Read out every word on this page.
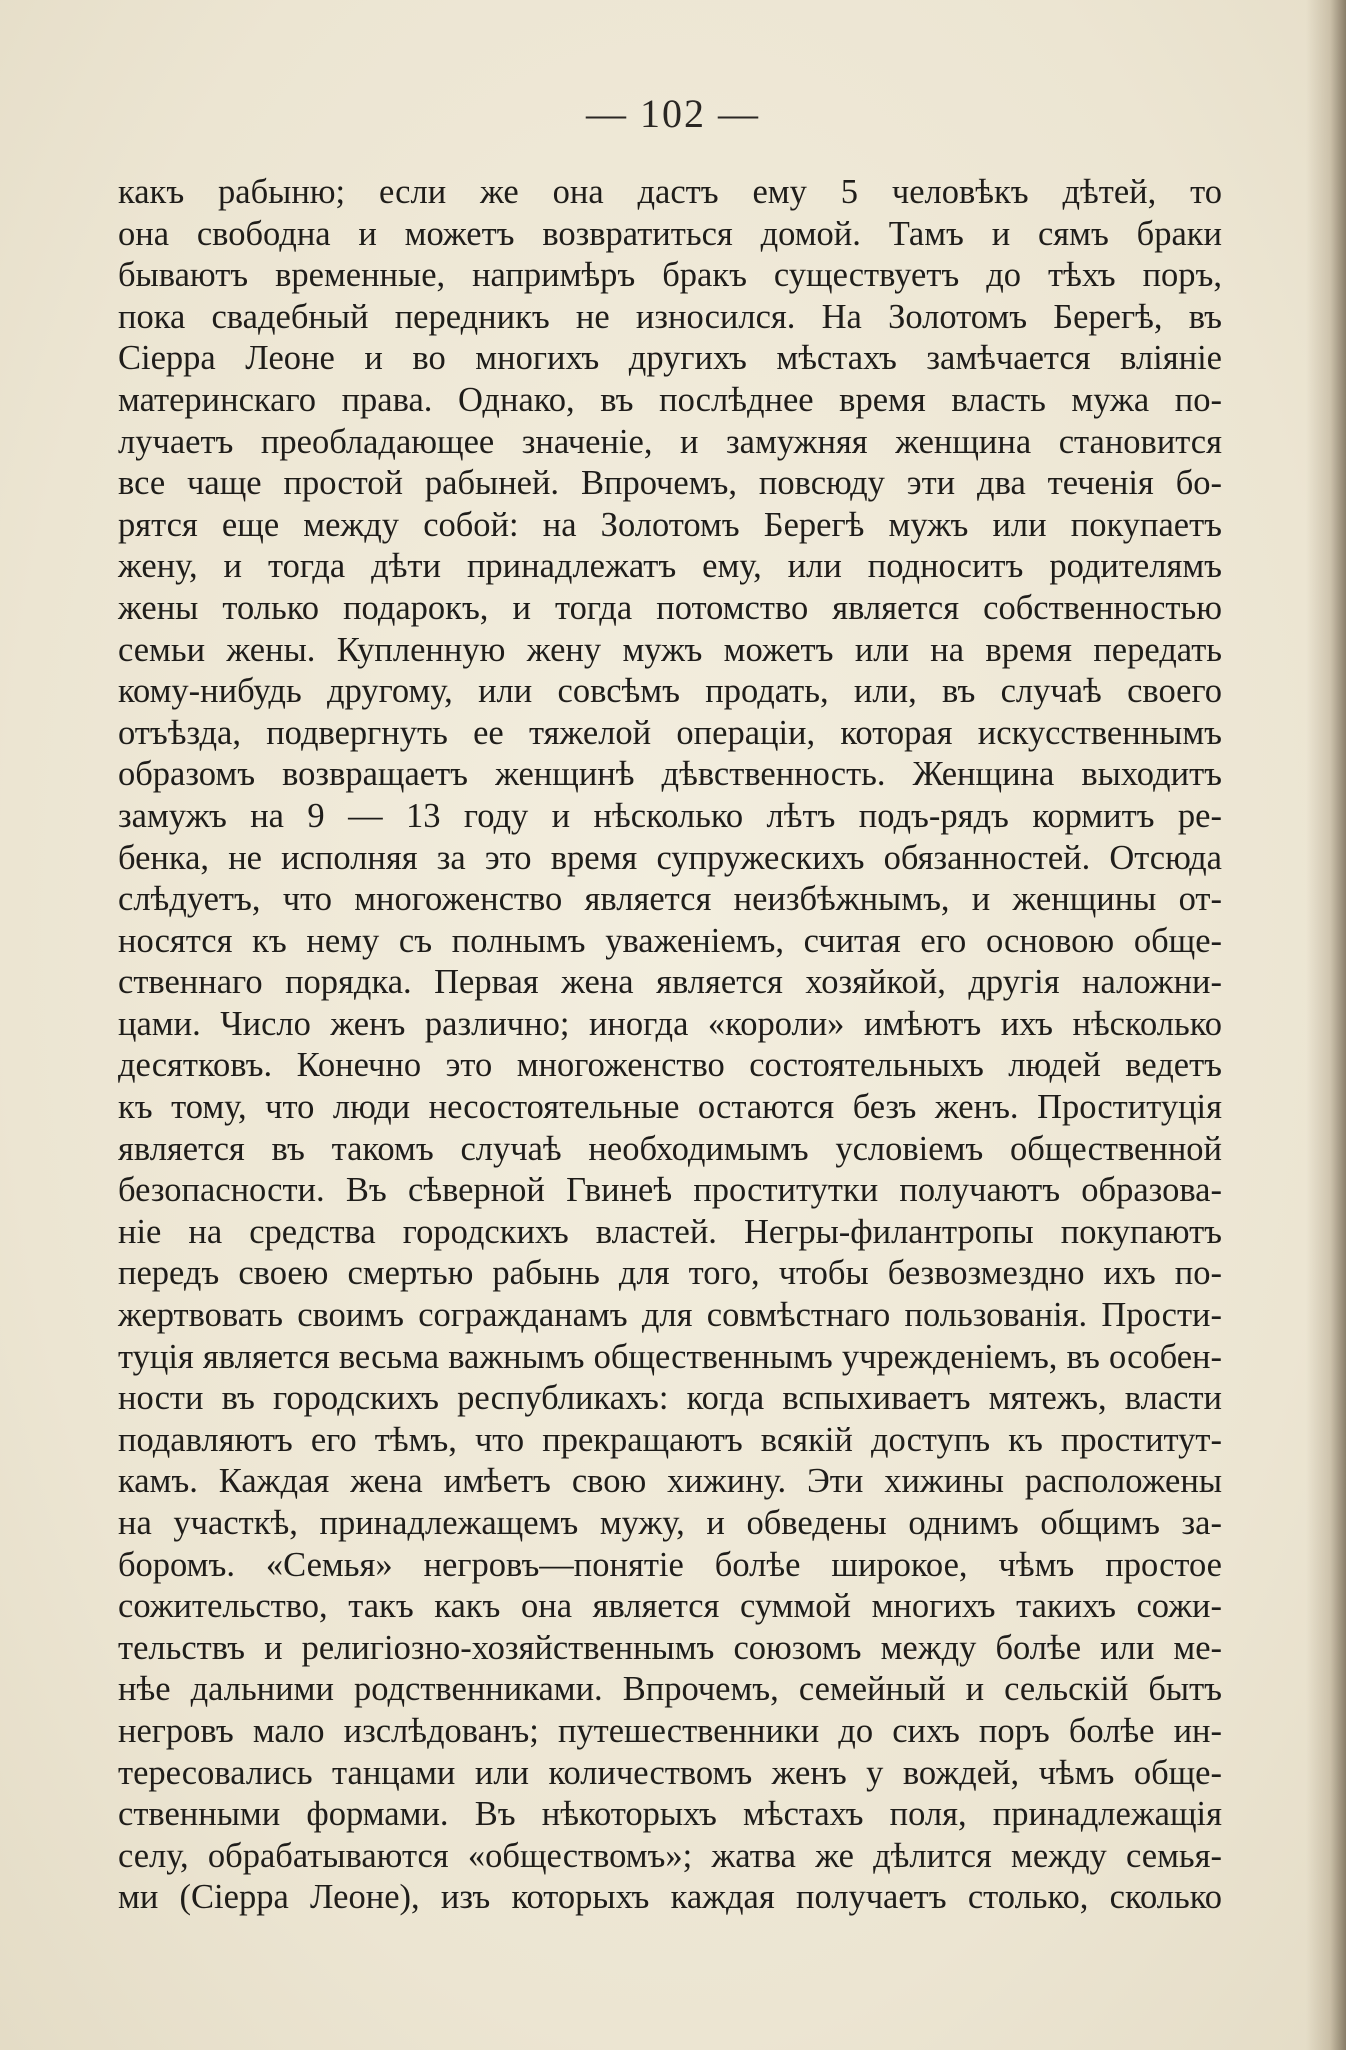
— 102 —
какъ рабыню; если же она дастъ ему 5 человѣкъ дѣтей, то
она свободна и можетъ возвратиться домой. Тамъ и сямъ браки
бываютъ временные, напримѣръ бракъ существуетъ до тѣхъ поръ,
пока свадебный передникъ не износился. На Золотомъ Берегѣ, въ
Сіерра Леоне и во многихъ другихъ мѣстахъ замѣчается вліяніе
материнскаго права. Однако, въ послѣднее время власть мужа по-
лучаетъ преобладающее значеніе, и замужняя женщина становится
все чаще простой рабыней. Впрочемъ, повсюду эти два теченія бо-
рятся еще между собой: на Золотомъ Берегѣ мужъ или покупаетъ
жену, и тогда дѣти принадлежатъ ему, или подноситъ родителямъ
жены только подарокъ, и тогда потомство является собственностью
семьи жены. Купленную жену мужъ можетъ или на время передать
кому-нибудь другому, или совсѣмъ продать, или, въ случаѣ своего
отъѣзда, подвергнуть ее тяжелой операціи, которая искусственнымъ
образомъ возвращаетъ женщинѣ дѣвственность. Женщина выходитъ
замужъ на 9 — 13 году и нѣсколько лѣтъ подъ-рядъ кормитъ ре-
бенка, не исполняя за это время супружескихъ обязанностей. Отсюда
слѣдуетъ, что многоженство является неизбѣжнымъ, и женщины от-
носятся къ нему съ полнымъ уваженіемъ, считая его основою обще-
ственнаго порядка. Первая жена является хозяйкой, другія наложни-
цами. Число женъ различно; иногда «короли» имѣютъ ихъ нѣсколько
десятковъ. Конечно это многоженство состоятельныхъ людей ведетъ
къ тому, что люди несостоятельные остаются безъ женъ. Проституція
является въ такомъ случаѣ необходимымъ условіемъ общественной
безопасности. Въ сѣверной Гвинеѣ проститутки получаютъ образова-
ніе на средства городскихъ властей. Негры-филантропы покупаютъ
передъ своею смертью рабынь для того, чтобы безвозмездно ихъ по-
жертвовать своимъ согражданамъ для совмѣстнаго пользованія. Прости-
туція является весьма важнымъ общественнымъ учрежденіемъ, въ особен-
ности въ городскихъ республикахъ: когда вспыхиваетъ мятежъ, власти
подавляютъ его тѣмъ, что прекращаютъ всякій доступъ къ проститут-
камъ. Каждая жена имѣетъ свою хижину. Эти хижины расположены
на участкѣ, принадлежащемъ мужу, и обведены однимъ общимъ за-
боромъ. «Семья» негровъ—понятіе болѣе широкое, чѣмъ простое
сожительство, такъ какъ она является суммой многихъ такихъ сожи-
тельствъ и религіозно-хозяйственнымъ союзомъ между болѣе или ме-
нѣе дальними родственниками. Впрочемъ, семейный и сельскій бытъ
негровъ мало изслѣдованъ; путешественники до сихъ поръ болѣе ин-
тересовались танцами или количествомъ женъ у вождей, чѣмъ обще-
ственными формами. Въ нѣкоторыхъ мѣстахъ поля, принадлежащія
селу, обрабатываются «обществомъ»; жатва же дѣлится между семья-
ми (Сіерра Леоне), изъ которыхъ каждая получаетъ столько, сколько
